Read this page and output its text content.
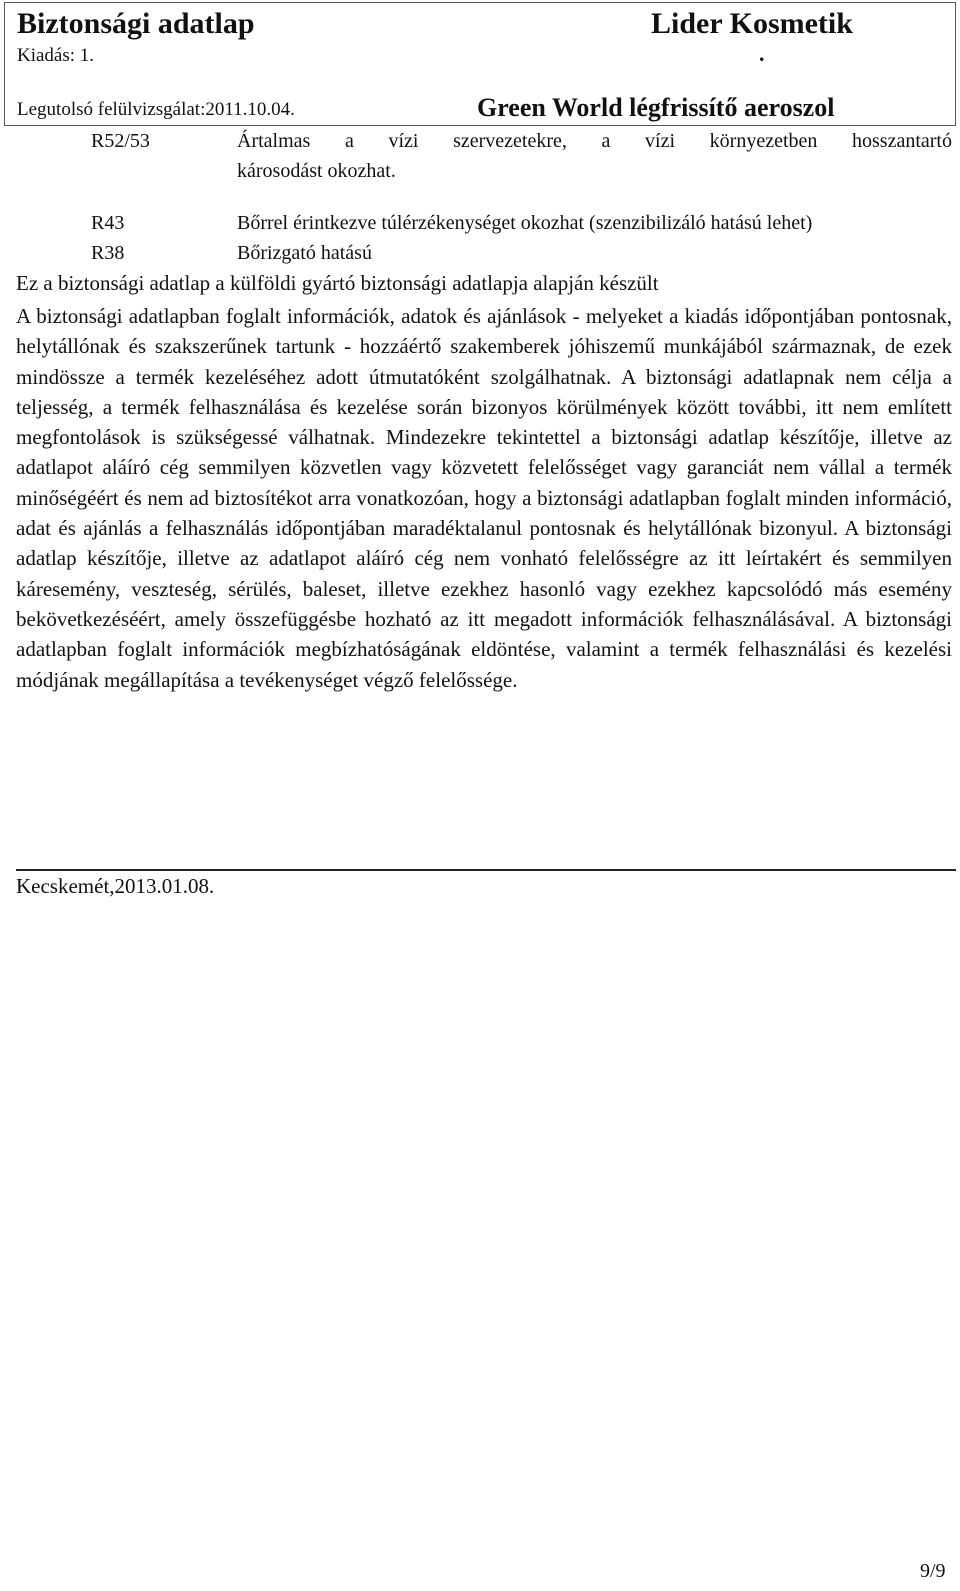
Biztonsági adatlap	Lider Kosmetik
Kiadás: 1.	.
Legutolsó felülvizsgálat:2011.10.04.	Green World légfrissítő aeroszol
R52/53	Ártalmas a vízi szervezetekre, a vízi környezetben hosszantartó
károsodást okozhat.
R43	Bőrrel érintkezve túlérzékenységet okozhat (szenzibilizáló hatású lehet)
R38	Bőrizgató hatású
Ez a biztonsági adatlap a külföldi gyártó biztonsági adatlapja alapján készült

A biztonsági adatlapban foglalt információk, adatok és ajánlások - melyeket a kiadás időpontjában pontosnak, helytállónak és szakszerűnek tartunk - hozzáértő szakemberek jóhiszemű munkájából származnak, de ezek mindössze a termék kezeléséhez adott útmutatóként szolgálhatnak. A biztonsági adatlapnak nem célja a teljesség, a termék felhasználása és kezelése során bizonyos körülmények között további, itt nem említett megfontolások is szükségessé válhatnak. Mindezekre tekintettel a biztonsági adatlap készítője, illetve az adatlapot aláíró cég semmilyen közvetlen vagy közvetett felelősséget vagy garanciát nem vállal a termék minőségéért és nem ad biztosítékot arra vonatkozóan, hogy a biztonsági adatlapban foglalt minden információ, adat és ajánlás a felhasználás időpontjában maradéktalanul pontosnak és helytállónak bizonyul. A biztonsági adatlap készítője, illetve az adatlapot aláíró cég nem vonható felelősségre az itt leírtakért és semmilyen káresemény, veszteség, sérülés, baleset, illetve ezekhez hasonló vagy ezekhez kapcsolódó más esemény bekövetkezéséért, amely összefüggésbe hozható az itt megadott információk felhasználásával. A biztonsági adatlapban foglalt információk megbízhatóságának eldöntése, valamint a termék felhasználási és kezelési módjának megállapítása a tevékenységet végző felelőssége.

Kecskemét,2013.01.08.
9/9
